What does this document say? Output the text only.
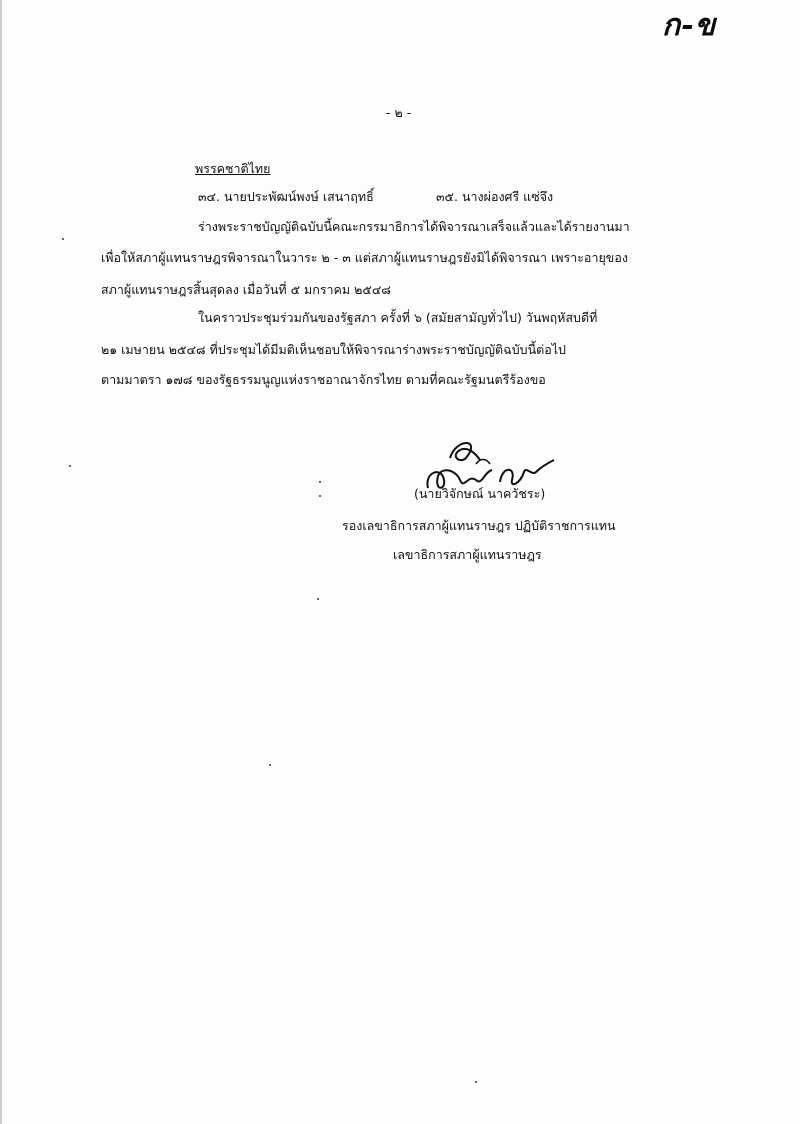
ก-ข
- ๒ -
พรรคชาติไทย
๓๔. นายประพัฒน์พงษ์ เสนาฤทธิ์	๓๕. นางผ่องศรี แซ่จึง
ร่างพระราชบัญญัติฉบับนี้คณะกรรมาธิการได้พิจารณาเสร็จแล้วและได้รายงานมา
เพื่อให้สภาผู้แทนราษฎรพิจารณาในวาระ ๒ - ๓ แต่สภาผู้แทนราษฎรยังมิได้พิจารณา เพราะอายุของ
สภาผู้แทนราษฎรสิ้นสุดลง เมื่อวันที่ ๕ มกราคม ๒๕๔๘
ในคราวประชุมร่วมกันของรัฐสภา ครั้งที่ ๖ (สมัยสามัญทั่วไป) วันพฤหัสบดีที่
๒๑ เมษายน ๒๕๔๘ ที่ประชุมได้มีมติเห็นชอบให้พิจารณาร่างพระราชบัญญัติฉบับนี้ต่อไป
ตามมาตรา ๑๗๘ ของรัฐธรรมนูญแห่งราชอาณาจักรไทย ตามที่คณะรัฐมนตรีร้องขอ
(นายวิจักษณ์ นาควัชระ)
รองเลขาธิการสภาผู้แทนราษฎร ปฏิบัติราชการแทน
เลขาธิการสภาผู้แทนราษฎร
